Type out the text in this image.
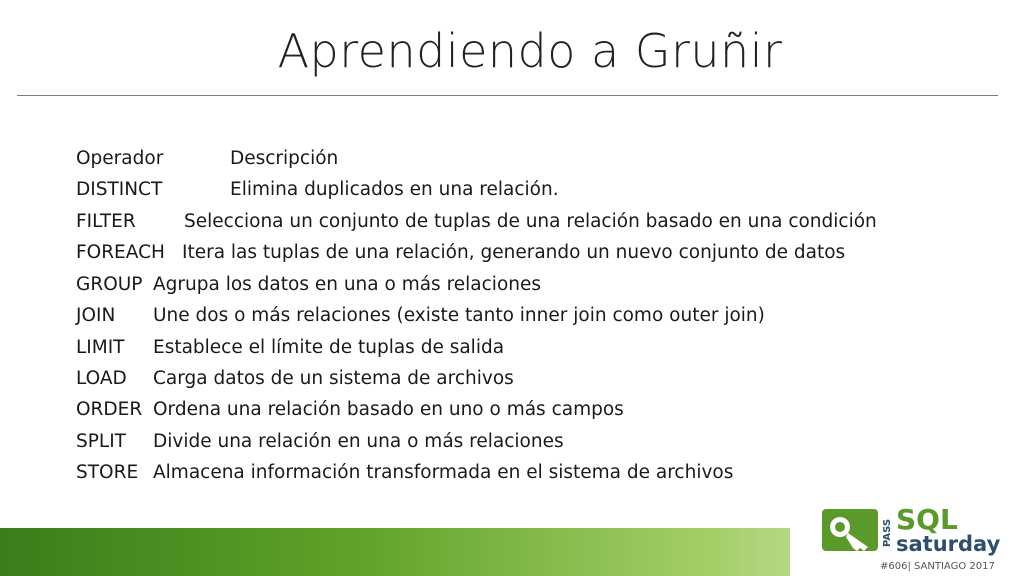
Aprendiendo a Gruñir
Operador	Descripción
DISTINCT	Elimina duplicados en una relación.
FILTER	Selecciona un conjunto de tuplas de una relación basado en una condición
FOREACH Itera las tuplas de una relación, generando un nuevo conjunto de datos
GROUP Agrupa los datos en una o más relaciones
JOIN Une dos o más relaciones (existe tanto inner join como outer join)
LIMIT Establece el límite de tuplas de salida
LOAD Carga datos de un sistema de archivos
ORDER Ordena una relación basado en uno o más campos
SPLIT Divide una relación en una o más relaciones
STORE Almacena información transformada en el sistema de archivos
PASS SQL
saturday
#606| SANTIAGO 2017
